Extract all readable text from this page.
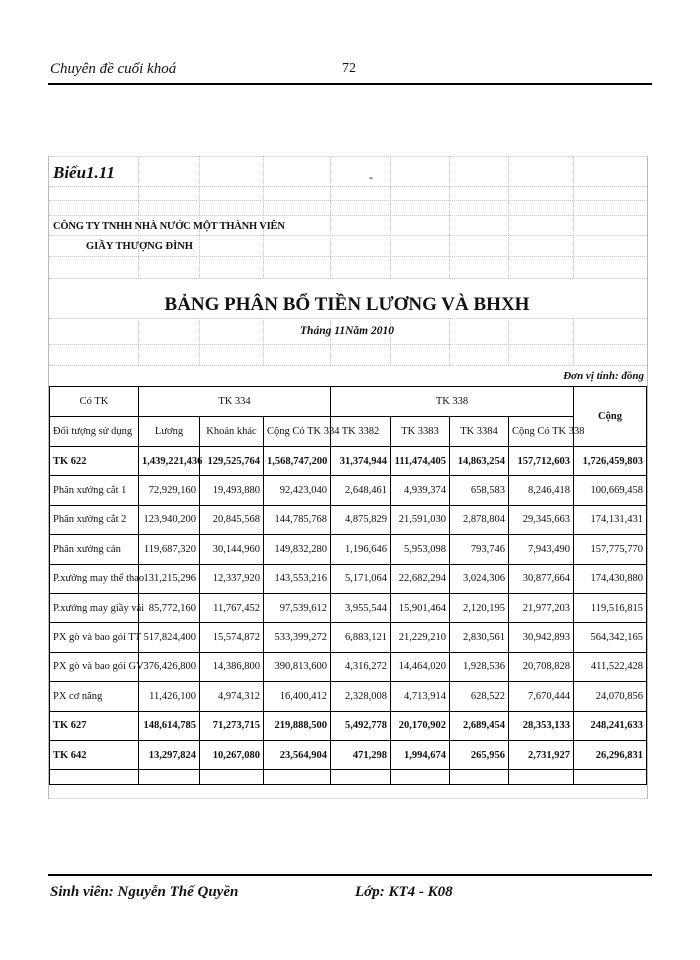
Chuyên đề cuối khoá	72
Biểu1.11	-
CÔNG TY TNHH NHÀ NƯỚC MỘT THÀNH VIÊN
GIẦY THƯỢNG ĐÌNH
BẢNG PHÂN BỔ TIỀN LƯƠNG VÀ BHXH
Tháng 11Năm 2010
Đơn vị tính: đồng
Có TK	TK 334			TK 338				Cộng
Đối tượng sử dụng	Lương	Khoản khác	Cộng Có TK 334	TK 3382	TK 3383	TK 3384	Cộng Có TK 338	
TK 622	1,439,221,436	129,525,764	1,568,747,200	31,374,944	111,474,405	14,863,254	157,712,603	1,726,459,803
Phân xưởng cắt 1	72,929,160	19,493,880	92,423,040	2,648,461	4,939,374	658,583	8,246,418	100,669,458
Phân xưởng cắt 2	123,940,200	20,845,568	144,785,768	4,875,829	21,591,030	2,878,804	29,345,663	174,131,431
Phân xưởng cán	119,687,320	30,144,960	149,832,280	1,196,646	5,953,098	793,746	7,943,490	157,775,770
P.xưởng may thể thao	131,215,296	12,337,920	143,553,216	5,171,064	22,682,294	3,024,306	30,877,664	174,430,880
P.xưởng may giầy vải	85,772,160	11,767,452	97,539,612	3,955,544	15,901,464	2,120,195	21,977,203	119,516,815
PX gò và bao gói TT	517,824,400	15,574,872	533,399,272	6,883,121	21,229,210	2,830,561	30,942,893	564,342,165
PX gò và bao gói GV	376,426,800	14,386,800	390,813,600	4,316,272	14,464,020	1,928,536	20,708,828	411,522,428
PX cơ năng	11,426,100	4,974,312	16,400,412	2,328,008	4,713,914	628,522	7,670,444	24,070,856
TK 627	148,614,785	71,273,715	219,888,500	5,492,778	20,170,902	2,689,454	28,353,133	248,241,633
TK 642	13,297,824	10,267,080	23,564,904	471,298	1,994,674	265,956	2,731,927	26,296,831

Sinh viên: Nguyễn Thế Quyền	Lớp: KT4 - K08
